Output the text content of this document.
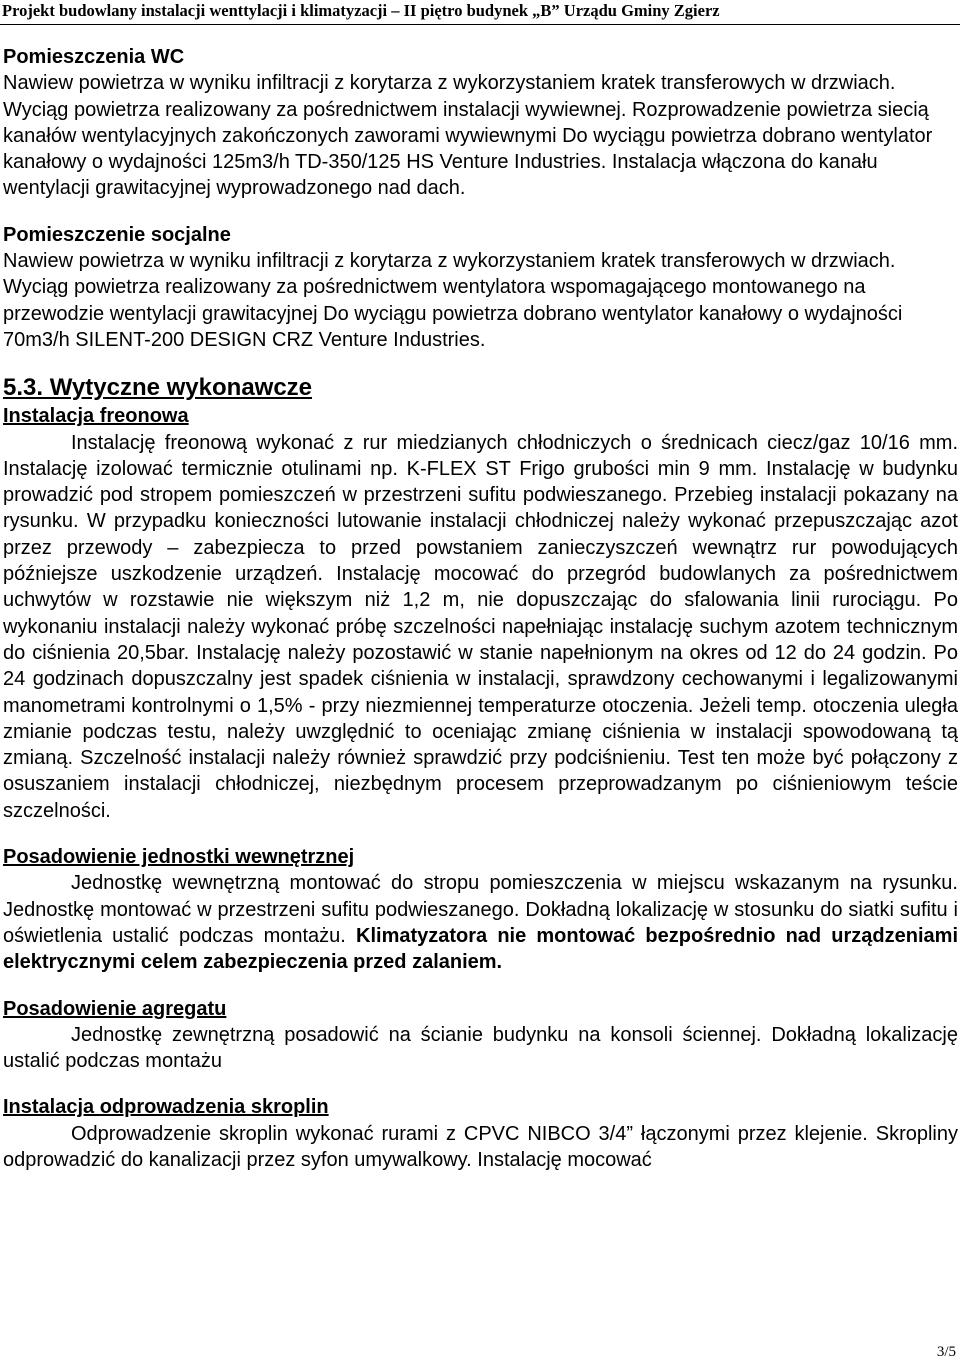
Projekt budowlany instalacji wenttylacji i klimatyzacji – II piętro budynek „B” Urządu Gminy Zgierz

Pomieszczenia WC

Nawiew powietrza w wyniku infiltracji z korytarza z wykorzystaniem kratek transferowych w drzwiach. Wyciąg powietrza realizowany za pośrednictwem instalacji wywiewnej. Rozprowadzenie powietrza siecią kanałów wentylacyjnych zakończonych zaworami wywiewnymi Do wyciągu powietrza dobrano wentylator kanałowy o wydajności 125m3/h TD-350/125 HS Venture Industries. Instalacja włączona do kanału wentylacji grawitacyjnej wyprowadzonego nad dach.

Pomieszczenie socjalne

Nawiew powietrza w wyniku infiltracji z korytarza z wykorzystaniem kratek transferowych w drzwiach. Wyciąg powietrza realizowany za pośrednictwem wentylatora wspomagającego montowanego na przewodzie wentylacji grawitacyjnej Do wyciągu powietrza dobrano wentylator kanałowy o wydajności 70m3/h SILENT-200 DESIGN CRZ Venture Industries.

5.3. Wytyczne wykonawcze

Instalacja freonowa

Instalację freonową wykonać z rur miedzianych chłodniczych o średnicach ciecz/gaz 10/16 mm. Instalację izolować termicznie otulinami np. K-FLEX ST Frigo grubości min 9 mm. Instalację w budynku prowadzić pod stropem pomieszczeń w przestrzeni sufitu podwieszanego. Przebieg instalacji pokazany na rysunku. W przypadku konieczności lutowanie instalacji chłodniczej należy wykonać przepuszczając azot przez przewody – zabezpiecza to przed powstaniem zanieczyszczeń wewnątrz rur powodujących późniejsze uszkodzenie urządzeń. Instalację mocować do przegród budowlanych za pośrednictwem uchwytów w rozstawie nie większym niż 1,2 m, nie dopuszczając do sfalowania linii rurociągu. Po wykonaniu instalacji należy wykonać próbę szczelności napełniając instalację suchym azotem technicznym do ciśnienia 20,5bar. Instalację należy pozostawić w stanie napełnionym na okres od 12 do 24 godzin. Po 24 godzinach dopuszczalny jest spadek ciśnienia w instalacji, sprawdzony cechowanymi i legalizowanymi manometrami kontrolnymi o 1,5% - przy niezmiennej temperaturze otoczenia. Jeżeli temp. otoczenia uległa zmianie podczas testu, należy uwzględnić to oceniając zmianę ciśnienia w instalacji spowodowaną tą zmianą. Szczelność instalacji należy również sprawdzić przy podciśnieniu. Test ten może być połączony z osuszaniem instalacji chłodniczej, niezbędnym procesem przeprowadzanym po ciśnieniowym teście szczelności.

Posadowienie jednostki wewnętrznej

Jednostkę wewnętrzną montować do stropu pomieszczenia w miejscu wskazanym na rysunku. Jednostkę montować w przestrzeni sufitu podwieszanego. Dokładną lokalizację w stosunku do siatki sufitu i oświetlenia ustalić podczas montażu. Klimatyzatora nie montować bezpośrednio nad urządzeniami elektrycznymi celem zabezpieczenia przed zalaniem.

Posadowienie agregatu

Jednostkę zewnętrzną posadowić na ścianie budynku na konsoli ściennej. Dokładną lokalizację ustalić podczas montażu

Instalacja odprowadzenia skroplin

Odprowadzenie skroplin wykonać rurami z CPVC NIBCO 3/4” łączonymi przez klejenie. Skropliny odprowadzić do kanalizacji przez syfon umywalkowy. Instalację mocować

3/5
